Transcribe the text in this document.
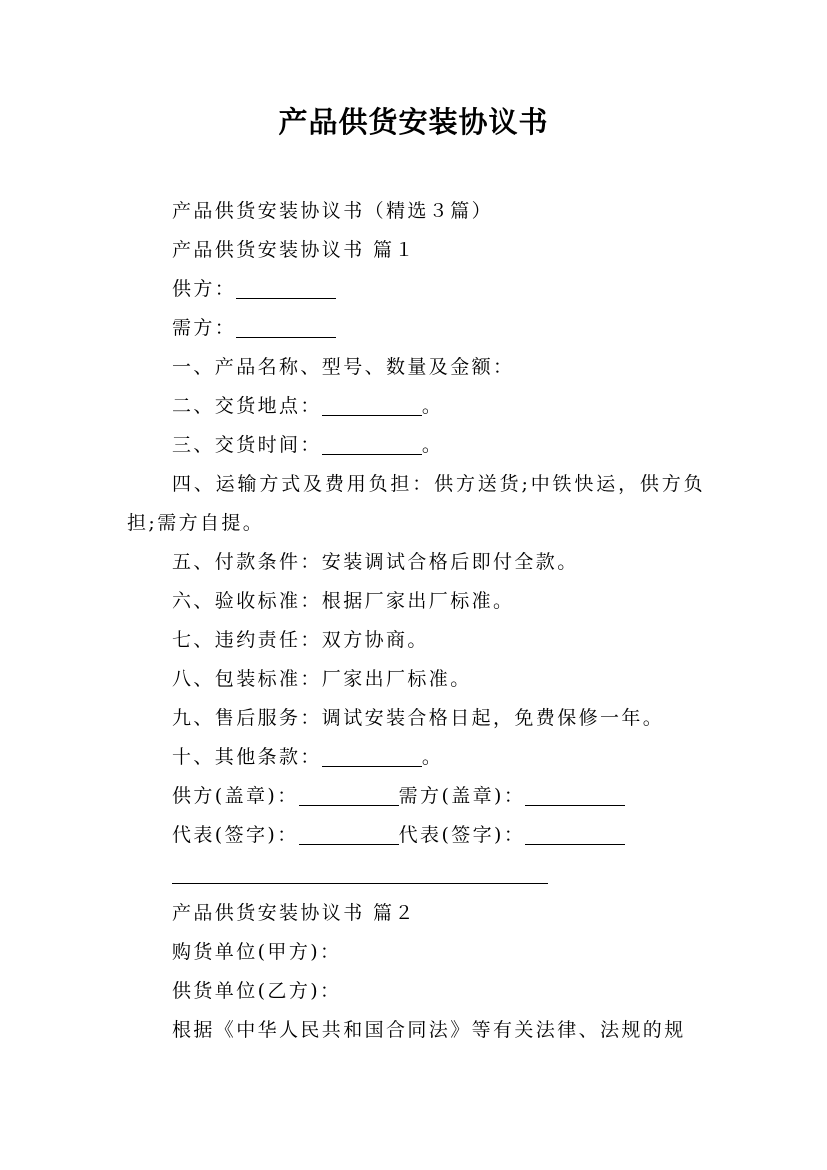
产品供货安装协议书

产品供货安装协议书（精选３篇）

产品供货安装协议书 篇１

供方：

需方：

一、产品名称、型号、数量及金额：

二、交货地点：	。

三、交货时间：	。

四、运输方式及费用负担：供方送货;中铁快运，供方负担;需方自提。

五、付款条件：安装调试合格后即付全款。

六、验收标准：根据厂家出厂标准。

七、违约责任：双方协商。

八、包装标准：厂家出厂标准。

九、售后服务：调试安装合格日起，免费保修一年。

十、其他条款：	。

供方(盖章)：	需方(盖章)：

代表(签字)：	代表(签字)：

产品供货安装协议书 篇２

购货单位(甲方)：

供货单位(乙方)：

根据《中华人民共和国合同法》等有关法律、法规的规
